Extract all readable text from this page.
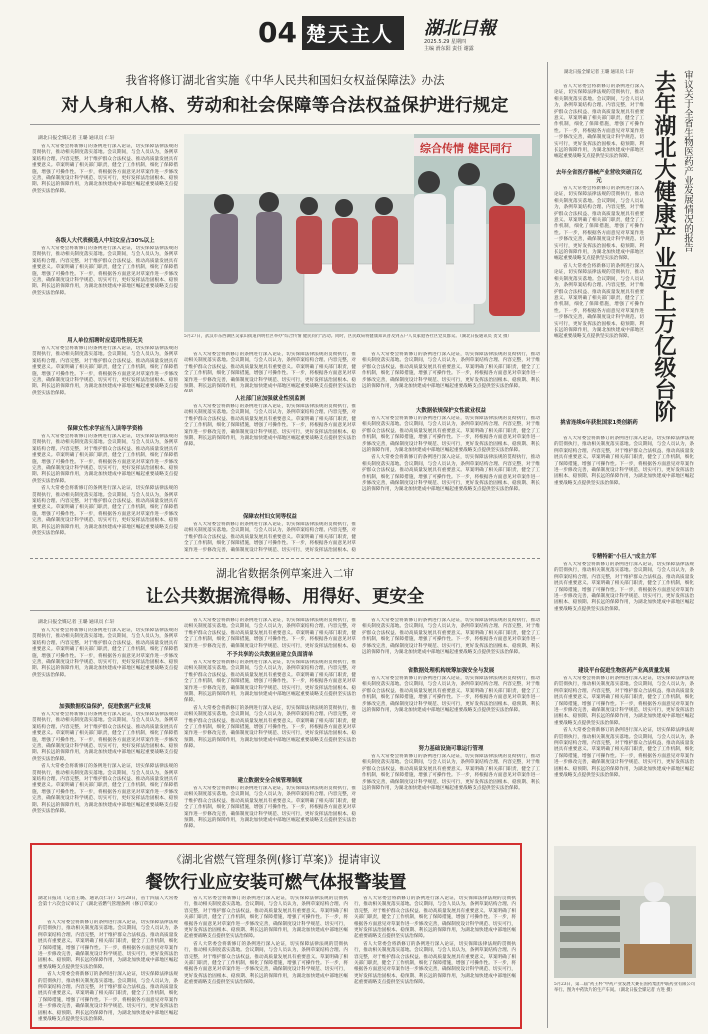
04 楚天主人 湖北日報
2025.5.29 星期四
主编 滑东阳 责任 谢露
我省将修订湖北省实施《中华人民共和国妇女权益保障法》办法
对人身和人格、劳动和社会保障等合法权益保护进行规定
湖北日报全媒记者 王璐 通讯员 仁轩

省人大常委会将新修订的条例进行深入论证，切实保障法律法规的贯彻执行，推动相关制度落实落地。会议期间，与会人员认为，条例草案结构合理、内容完整，对于维护群众合法权益、推动高质量发展具有重要意义。草案明确了相关部门职责，健全了工作机制，细化了保障措施，增强了可操作性。下一步，将根据各方面意见对草案作进一步修改完善，确保制度设计科学规范、切实可行，更好发挥法治固根本、稳预期、利长远的保障作用，为湖北加快建成中部地区崛起重要战略支点提供坚实法治保障。

各级人大代表候选人中妇女应占30%以上

省人大常委会将新修订的条例进行深入论证，切实保障法律法规的贯彻执行，推动相关制度落实落地。会议期间，与会人员认为，条例草案结构合理、内容完整，对于维护群众合法权益、推动高质量发展具有重要意义。草案明确了相关部门职责，健全了工作机制，细化了保障措施，增强了可操作性。下一步，将根据各方面意见对草案作进一步修改完善，确保制度设计科学规范、切实可行，更好发挥法治固根本、稳预期、利长远的保障作用，为湖北加快建成中部地区崛起重要战略支点提供坚实法治保障。

用人单位招聘时应适用性别无关

省人大常委会将新修订的条例进行深入论证，切实保障法律法规的贯彻执行，推动相关制度落实落地。会议期间，与会人员认为，条例草案结构合理、内容完整，对于维护群众合法权益、推动高质量发展具有重要意义。草案明确了相关部门职责，健全了工作机制，细化了保障措施，增强了可操作性。下一步，将根据各方面意见对草案作进一步修改完善，确保制度设计科学规范、切实可行，更好发挥法治固根本、稳预期、利长远的保障作用，为湖北加快建成中部地区崛起重要战略支点提供坚实法治保障。

保障女性求学应当入读等学资格

省人大常委会将新修订的条例进行深入论证，切实保障法律法规的贯彻执行，推动相关制度落实落地。会议期间，与会人员认为，条例草案结构合理、内容完整，对于维护群众合法权益、推动高质量发展具有重要意义。草案明确了相关部门职责，健全了工作机制，细化了保障措施，增强了可操作性。下一步，将根据各方面意见对草案作进一步修改完善，确保制度设计科学规范、切实可行，更好发挥法治固根本、稳预期、利长远的保障作用，为湖北加快建成中部地区崛起重要战略支点提供坚实法治保障。

省人大常委会将新修订的条例进行深入论证，切实保障法律法规的贯彻执行，推动相关制度落实落地。会议期间，与会人员认为，条例草案结构合理、内容完整，对于维护群众合法权益、推动高质量发展具有重要意义。草案明确了相关部门职责，健全了工作机制，细化了保障措施，增强了可操作性。下一步，将根据各方面意见对草案作进一步修改完善，确保制度设计科学规范、切实可行，更好发挥法治固根本、稳预期、利长远的保障作用，为湖北加快建成中部地区崛起重要战略支点提供坚实法治保障。

综合传情 健民同行
5月27日，武汉市东西湖区吴家山街道四明社区举办"综合传情 健民同行"活动。同时，区民政局将健康知识普及到五户人员家庭各社区党员群众。（湖北日报通讯员 贺文 摄）

省人大常委会将新修订的条例进行深入论证，切实保障法律法规的贯彻执行，推动相关制度落实落地。会议期间，与会人员认为，条例草案结构合理、内容完整，对于维护群众合法权益、推动高质量发展具有重要意义。草案明确了相关部门职责，健全了工作机制，细化了保障措施，增强了可操作性。下一步，将根据各方面意见对草案作进一步修改完善，确保制度设计科学规范、切实可行，更好发挥法治固根本、稳预期、利长远的保障作用，为湖北加快建成中部地区崛起重要战略支点提供坚实法治

人社部门应加强就业性别监测

省人大常委会将新修订的条例进行深入论证，切实保障法律法规的贯彻执行，推动相关制度落实落地。会议期间，与会人员认为，条例草案结构合理、内容完整，对于维护群众合法权益、推动高质量发展具有重要意义。草案明确了相关部门职责，健全了工作机制，细化了保障措施，增强了可操作性。下一步，将根据各方面意见对草案作进一步修改完善，确保制度设计科学规范、切实可行，更好发挥法治固根本、稳预期、利长远的保障作用，为湖北加快建成中部地区崛起重要战略支点提供坚实法治保障。

保障农村妇女同等权益

省人大常委会将新修订的条例进行深入论证，切实保障法律法规的贯彻执行，推动相关制度落实落地。会议期间，与会人员认为，条例草案结构合理、内容完整，对于维护群众合法权益、推动高质量发展具有重要意义。草案明确了相关部门职责，健全了工作机制，细化了保障措施，增强了可操作性。下一步，将根据各方面意见对草案作进一步修改完善，确保制度设计科学规范、切实可行，更好发挥法治固根本、稳

省人大常委会将新修订的条例进行深入论证，切实保障法律法规的贯彻执行，推动相关制度落实落地。会议期间，与会人员认为，条例草案结构合理、内容完整，对于维护群众合法权益、推动高质量发展具有重要意义。草案明确了相关部门职责，健全了工作机制，细化了保障措施，增强了可操作性。下一步，将根据各方面意见对草案作进一步修改完善，确保制度设计科学规范、切实可行，更好发挥法治固根本、稳预期、利长远的保障作用，为湖北加快建成中部地区崛起重要战略支点提供坚实法治保障。

大数据依规保护女性就业权益

省人大常委会将新修订的条例进行深入论证，切实保障法律法规的贯彻执行，推动相关制度落实落地。会议期间，与会人员认为，条例草案结构合理、内容完整，对于维护群众合法权益、推动高质量发展具有重要意义。草案明确了相关部门职责，健全了工作机制，细化了保障措施，增强了可操作性。下一步，将根据各方面意见对草案作进一步修改完善，确保制度设计科学规范、切实可行，更好发挥法治固根本、稳预期、利长远的保障作用，为湖北加快建成中部地区崛起重要战略支点提供坚实法治保障。

省人大常委会将新修订的条例进行深入论证，切实保障法律法规的贯彻执行，推动相关制度落实落地。会议期间，与会人员认为，条例草案结构合理、内容完整，对于维护群众合法权益、推动高质量发展具有重要意义。草案明确了相关部门职责，健全了工作机制，细化了保障措施，增强了可操作性。下一步，将根据各方面意见对草案作进一步修改完善，确保制度设计科学规范、切实可行，更好发挥法治固根本、稳预期、利长远的保障作用，为湖北加快建成中部地区崛起重要战略支点提供坚实法治保障。

湖北省数据条例草案进入二审
让公共数据流得畅、用得好、更安全
湖北日报全媒记者 王璐 通讯员 仁轩

省人大常委会将新修订的条例进行深入论证，切实保障法律法规的贯彻执行，推动相关制度落实落地。会议期间，与会人员认为，条例草案结构合理、内容完整，对于维护群众合法权益、推动高质量发展具有重要意义。草案明确了相关部门职责，健全了工作机制，细化了保障措施，增强了可操作性。下一步，将根据各方面意见对草案作进一步修改完善，确保制度设计科学规范、切实可行，更好发挥法治固根本、稳预期、利长远的保障作用，为湖北加快建成中部地区崛起重要战略支点提供坚实法治保障。

加强数据权益保护，促进数据产业发展

省人大常委会将新修订的条例进行深入论证，切实保障法律法规的贯彻执行，推动相关制度落实落地。会议期间，与会人员认为，条例草案结构合理、内容完整，对于维护群众合法权益、推动高质量发展具有重要意义。草案明确了相关部门职责，健全了工作机制，细化了保障措施，增强了可操作性。下一步，将根据各方面意见对草案作进一步修改完善，确保制度设计科学规范、切实可行，更好发挥法治固根本、稳预期、利长远的保障作用，为湖北加快建成中部地区崛起重要战略支点提供坚实法治保障。

省人大常委会将新修订的条例进行深入论证，切实保障法律法规的贯彻执行，推动相关制度落实落地。会议期间，与会人员认为，条例草案结构合理、内容完整，对于维护群众合法权益、推动高质量发展具有重要意义。草案明确了相关部门职责，健全了工作机制，细化了保障措施，增强了可操作性。下一步，将根据各方面意见对草案作进一步修改完善，确保制度设计科学规范、切实可行，更好发挥法治固根本、稳预期、利长远的保障作用，为湖北加快建成中部地区崛起重要战略支点提供坚实法治保障。

省人大常委会将新修订的条例进行深入论证，切实保障法律法规的贯彻执行，推动相关制度落实落地。会议期间，与会人员认为，条例草案结构合理、内容完整，对于维护群众合法权益、推动高质量发展具有重要意义。草案明确了相关部门职责，健全了工作机制，细化了保障措施，增强了可操作性。下一步，将根据各方面意见对草案作进一步修改完善，确保制度设计科学规范、切实可行，更好发挥法治固根本、稳

不予共享的公共数据应建立负面清单

省人大常委会将新修订的条例进行深入论证，切实保障法律法规的贯彻执行，推动相关制度落实落地。会议期间，与会人员认为，条例草案结构合理、内容完整，对于维护群众合法权益、推动高质量发展具有重要意义。草案明确了相关部门职责，健全了工作机制，细化了保障措施，增强了可操作性。下一步，将根据各方面意见对草案作进一步修改完善，确保制度设计科学规范、切实可行，更好发挥法治固根本、稳预期、利长远的保障作用，为湖北加快建成中部地区崛起重要战略支点提供坚实法治保障。

省人大常委会将新修订的条例进行深入论证，切实保障法律法规的贯彻执行，推动相关制度落实落地。会议期间，与会人员认为，条例草案结构合理、内容完整，对于维护群众合法权益、推动高质量发展具有重要意义。草案明确了相关部门职责，健全了工作机制，细化了保障措施，增强了可操作性。下一步，将根据各方面意见对草案作进一步修改完善，确保制度设计科学规范、切实可行，更好发挥法治固根本、稳预期、利长远的保障作用，为湖北加快建成中部地区崛起重要战略支点提供坚实法治保障。

建立数据安全合规管理制度

省人大常委会将新修订的条例进行深入论证，切实保障法律法规的贯彻执行，推动相关制度落实落地。会议期间，与会人员认为，条例草案结构合理、内容完整，对于维护群众合法权益、推动高质量发展具有重要意义。草案明确了相关部门职责，健全了工作机制，细化了保障措施，增强了可操作性。下一步，将根据各方面意见对草案作进一步修改完善，确保制度设计科学规范、切实可行，更好发挥法治固根本、稳预期、利长远的保障作用，为湖北加快建成中部地区崛起重要战略支点提供坚实法治保障。

省人大常委会将新修订的条例进行深入论证，切实保障法律法规的贯彻执行，推动相关制度落实落地。会议期间，与会人员认为，条例草案结构合理、内容完整，对于维护群众合法权益、推动高质量发展具有重要意义。草案明确了相关部门职责，健全了工作机制，细化了保障措施，增强了可操作性。下一步，将根据各方面意见对草案作进一步修改完善，确保制度设计科学规范、切实可行，更好发挥法治固根本、稳预期、利长远的保障作用，为湖北加快建成中部地区崛起重要战略支点提供坚实法治保障。

省数据处理机构统筹加强安全与发展

省人大常委会将新修订的条例进行深入论证，切实保障法律法规的贯彻执行，推动相关制度落实落地。会议期间，与会人员认为，条例草案结构合理、内容完整，对于维护群众合法权益、推动高质量发展具有重要意义。草案明确了相关部门职责，健全了工作机制，细化了保障措施，增强了可操作性。下一步，将根据各方面意见对草案作进一步修改完善，确保制度设计科学规范、切实可行，更好发挥法治固根本、稳预期、利长远的保障作用，为湖北加快建成中部地区崛起重要战略支点提供坚实法治保障。

努力基础设施可靠运行管理

省人大常委会将新修订的条例进行深入论证，切实保障法律法规的贯彻执行，推动相关制度落实落地。会议期间，与会人员认为，条例草案结构合理、内容完整，对于维护群众合法权益、推动高质量发展具有重要意义。草案明确了相关部门职责，健全了工作机制，细化了保障措施，增强了可操作性。下一步，将根据各方面意见对草案作进一步修改完善，确保制度设计科学规范、切实可行，更好发挥法治固根本、稳预期、利长远的保障作用，为湖北加快建成中部地区崛起重要战略支点提供坚实法治保障。

《湖北省燃气管理条例(修订草案)》提请审议
餐饮行业应安装可燃气体报警装置
湖北日报讯（记者王璐、通讯员仁轩）5月28日，省十四届人大常委会第十六次会议审议了《湖北省燃气管理条例（修订草案）》

省人大常委会将新修订的条例进行深入论证，切实保障法律法规的贯彻执行，推动相关制度落实落地。会议期间，与会人员认为，条例草案结构合理、内容完整，对于维护群众合法权益、推动高质量发展具有重要意义。草案明确了相关部门职责，健全了工作机制，细化了保障措施，增强了可操作性。下一步，将根据各方面意见对草案作进一步修改完善，确保制度设计科学规范、切实可行，更好发挥法治固根本、稳预期、利长远的保障作用，为湖北加快建成中部地区崛起重要战略支点提供坚实法治保障。

省人大常委会将新修订的条例进行深入论证，切实保障法律法规的贯彻执行，推动相关制度落实落地。会议期间，与会人员认为，条例草案结构合理、内容完整，对于维护群众合法权益、推动高质量发展具有重要意义。草案明确了相关部门职责，健全了工作机制，细化了保障措施，增强了可操作性。下一步，将根据各方面意见对草案作进一步修改完善，确保制度设计科学规范、切实可行，更好发挥法治固根本、稳预期、利长远的保障作用，为湖北加快建成中部地区崛起重要战略支点提供坚实法治保障。

省人大常委会将新修订的条例进行深入论证，切实保障法律法规的贯彻执行，推动相关制度落实落地。会议期间，与会人员认为，条例草案结构合理、内容完整，对于维护群众合法权益、推动高质量发展具有重要意义。草案明确了相关部门职责，健全了工作机制，细化了保障措施，增强了可操作性。下一步，将根据各方面意见对草案作进一步修改完善，确保制度设计科学规范、切实可行，更好发挥法治固根本、稳预期、利长远的保障作用，为湖北加快建成中部地区崛起重要战略支点提供坚实法治保障。

省人大常委会将新修订的条例进行深入论证，切实保障法律法规的贯彻执行，推动相关制度落实落地。会议期间，与会人员认为，条例草案结构合理、内容完整，对于维护群众合法权益、推动高质量发展具有重要意义。草案明确了相关部门职责，健全了工作机制，细化了保障措施，增强了可操作性。下一步，将根据各方面意见对草案作进一步修改完善，确保制度设计科学规范、切实可行，更好发挥法治固根本、稳预期、利长远的保障作用，为湖北加快建成中部地区崛起重要战略支点提供坚实法治保障。

省人大常委会将新修订的条例进行深入论证，切实保障法律法规的贯彻执行，推动相关制度落实落地。会议期间，与会人员认为，条例草案结构合理、内容完整，对于维护群众合法权益、推动高质量发展具有重要意义。草案明确了相关部门职责，健全了工作机制，细化了保障措施，增强了可操作性。下一步，将根据各方面意见对草案作进一步修改完善，确保制度设计科学规范、切实可行，更好发挥法治固根本、稳预期、利长远的保障作用，为湖北加快建成中部地区崛起重要战略支点提供坚实法治保障。

省人大常委会将新修订的条例进行深入论证，切实保障法律法规的贯彻执行，推动相关制度落实落地。会议期间，与会人员认为，条例草案结构合理、内容完整，对于维护群众合法权益、推动高质量发展具有重要意义。草案明确了相关部门职责，健全了工作机制，细化了保障措施，增强了可操作性。下一步，将根据各方面意见对草案作进一步修改完善，确保制度设计科学规范、切实可行，更好发挥法治固根本、稳预期、利长远的保障作用，为湖北加快建成中部地区崛起重要战略支点提供坚实法治保障。

审议关于全省生物医药产业发展情况的报告
去年湖北大健康产业迈上万亿级台阶
湖北日报全媒记者 王璐 通讯员 仁轩

省人大常委会将新修订的条例进行深入论证，切实保障法律法规的贯彻执行，推动相关制度落实落地。会议期间，与会人员认为，条例草案结构合理、内容完整，对于维护群众合法权益、推动高质量发展具有重要意义。草案明确了相关部门职责，健全了工作机制，细化了保障措施，增强了可操作性。下一步，将根据各方面意见对草案作进一步修改完善，确保制度设计科学规范、切实可行，更好发挥法治固根本、稳预期、利长远的保障作用，为湖北加快建成中部地区崛起重要战略支点提供坚实法治保障。

去年全省医疗器械产业营收突破百亿元

省人大常委会将新修订的条例进行深入论证，切实保障法律法规的贯彻执行，推动相关制度落实落地。会议期间，与会人员认为，条例草案结构合理、内容完整，对于维护群众合法权益、推动高质量发展具有重要意义。草案明确了相关部门职责，健全了工作机制，细化了保障措施，增强了可操作性。下一步，将根据各方面意见对草案作进一步修改完善，确保制度设计科学规范、切实可行，更好发挥法治固根本、稳预期、利长远的保障作用，为湖北加快建成中部地区崛起重要战略支点提供坚实法治保障。

省人大常委会将新修订的条例进行深入论证，切实保障法律法规的贯彻执行，推动相关制度落实落地。会议期间，与会人员认为，条例草案结构合理、内容完整，对于维护群众合法权益、推动高质量发展具有重要意义。草案明确了相关部门职责，健全了工作机制，细化了保障措施，增强了可操作性。下一步，将根据各方面意见对草案作进一步修改完善，确保制度设计科学规范、切实可行，更好发挥法治固根本、稳预期、利长远的保障作用，为湖北加快建成中部地区崛起重要战略支点提供坚实法治保障。

挑省连续6年获批国家1类创新药

省人大常委会将新修订的条例进行深入论证，切实保障法律法规的贯彻执行，推动相关制度落实落地。会议期间，与会人员认为，条例草案结构合理、内容完整，对于维护群众合法权益、推动高质量发展具有重要意义。草案明确了相关部门职责，健全了工作机制，细化了保障措施，增强了可操作性。下一步，将根据各方面意见对草案作进一步修改完善，确保制度设计科学规范、切实可行，更好发挥法治固根本、稳预期、利长远的保障作用，为湖北加快建成中部地区崛起重要战略支点提供坚实法治保障。

专精特新"小巨人"成主力军

省人大常委会将新修订的条例进行深入论证，切实保障法律法规的贯彻执行，推动相关制度落实落地。会议期间，与会人员认为，条例草案结构合理、内容完整，对于维护群众合法权益、推动高质量发展具有重要意义。草案明确了相关部门职责，健全了工作机制，细化了保障措施，增强了可操作性。下一步，将根据各方面意见对草案作进一步修改完善，确保制度设计科学规范、切实可行，更好发挥法治固根本、稳预期、利长远的保障作用，为湖北加快建成中部地区崛起重要战略支点提供坚实法治保障。

建设平台促进生物医药产业高质量发展

省人大常委会将新修订的条例进行深入论证，切实保障法律法规的贯彻执行，推动相关制度落实落地。会议期间，与会人员认为，条例草案结构合理、内容完整，对于维护群众合法权益、推动高质量发展具有重要意义。草案明确了相关部门职责，健全了工作机制，细化了保障措施，增强了可操作性。下一步，将根据各方面意见对草案作进一步修改完善，确保制度设计科学规范、切实可行，更好发挥法治固根本、稳预期、利长远的保障作用，为湖北加快建成中部地区崛起重要战略支点提供坚实法治保障。

省人大常委会将新修订的条例进行深入论证，切实保障法律法规的贯彻执行，推动相关制度落实落地。会议期间，与会人员认为，条例草案结构合理、内容完整，对于维护群众合法权益、推动高质量发展具有重要意义。草案明确了相关部门职责，健全了工作机制，细化了保障措施，增强了可操作性。下一步，将根据各方面意见对草案作进一步修改完善，确保制度设计科学规范、切实可行，更好发挥法治固根本、稳预期、利长远的保障作用，为湖北加快建成中部地区崛起重要战略支点提供坚实法治保障。

5月23日，第二届"药王杯"中药产业发展大赛在国药集团中联药业有限公司举行。图为中药饮片的生产车间。（湖北日报全媒记者 方进 摄）
